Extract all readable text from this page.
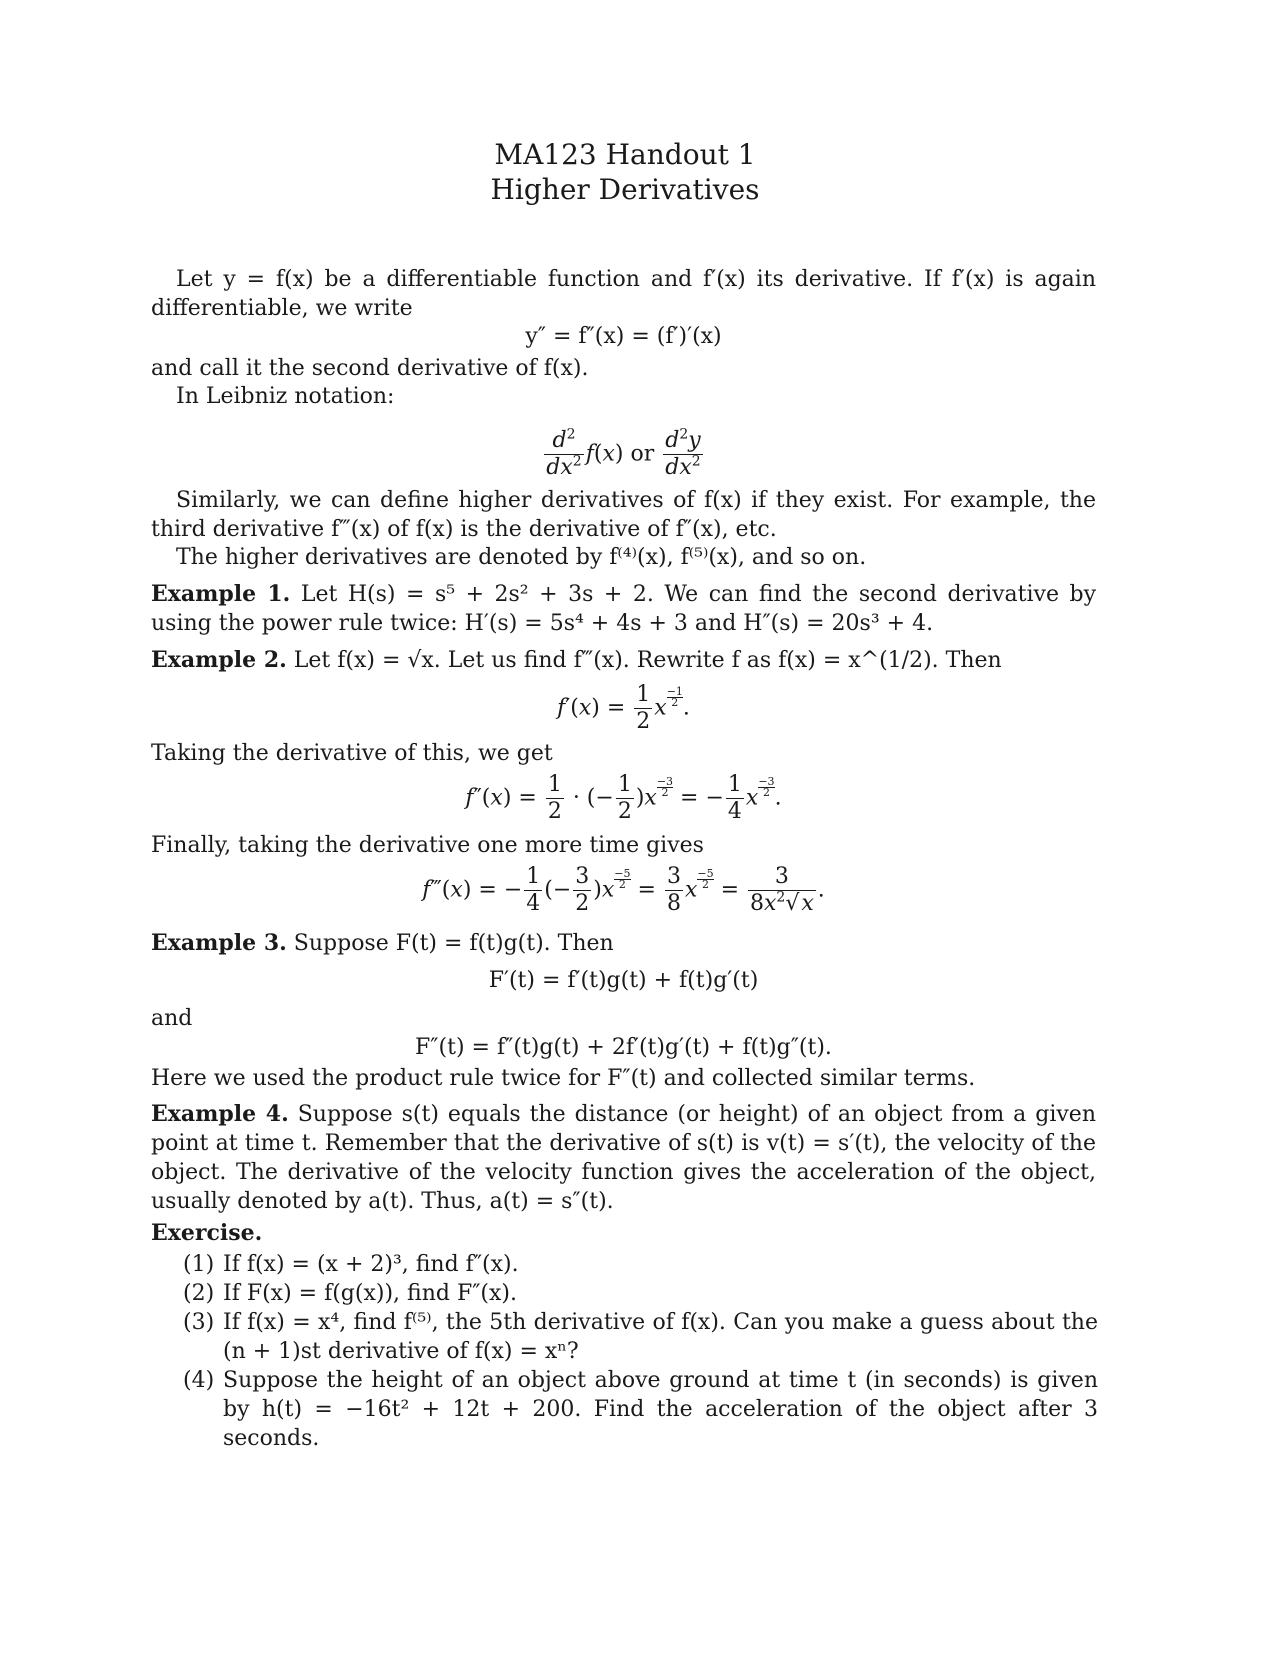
MA123 Handout 1
Higher Derivatives
Let y = f(x) be a differentiable function and f′(x) its derivative. If f′(x) is again differentiable, we write
y″ = f″(x) = (f′)′(x)
and call it the second derivative of f(x).
In Leibniz notation:
$\frac{d^2}{dx^2} f(x)$ or $\frac{d^2y}{dx^2}$
Similarly, we can define higher derivatives of f(x) if they exist. For example, the third derivative f‴(x) of f(x) is the derivative of f″(x), etc.
The higher derivatives are denoted by f⁽⁴⁾(x), f⁽⁵⁾(x), and so on.
Example 1. Let H(s) = s⁵ + 2s² + 3s + 2. We can find the second derivative by using the power rule twice: H′(s) = 5s⁴ + 4s + 3 and H″(s) = 20s³ + 4.
Example 2. Let f(x) = √x. Let us find f‴(x). Rewrite f as f(x) = x^(1/2). Then
$f'(x) = \frac{1}{2}$ x $\frac{-1}{2}$ .
Taking the derivative of this, we get
$f''(x) = \frac{1}{2}$ · (− $\frac{1}{2} )x \frac{-3}{2}$ = − $\frac{1}{4}$ x $\frac{-3}{2}$ .
Finally, taking the derivative one more time gives
f‴(x) = − $\frac{1}{4}$ (− $\frac{3}{2} )x \frac{-5}{2} = \frac{3}{8}$ x $\frac{-5}{2} = \frac{3}{8x^2√x}$ .
Example 3. Suppose F(t) = f(t)g(t). Then
F′(t) = f′(t)g(t) + f(t)g′(t)
and
F″(t) = f″(t)g(t) + 2f′(t)g′(t) + f(t)g″(t).
Here we used the product rule twice for F″(t) and collected similar terms.
Example 4. Suppose s(t) equals the distance (or height) of an object from a given point at time t. Remember that the derivative of s(t) is v(t) = s′(t), the velocity of the object. The derivative of the velocity function gives the acceleration of the object, usually denoted by a(t). Thus, a(t) = s″(t).
Exercise.
(1) If f(x) = (x + 2)³, find f″(x).
(2) If F(x) = f(g(x)), find F″(x).
(3) If f(x) = x⁴, find f⁽⁵⁾, the 5th derivative of f(x). Can you make a guess about the (n + 1)st derivative of f(x) = xⁿ?
(4) Suppose the height of an object above ground at time t (in seconds) is given by h(t) = −16t² + 12t + 200. Find the acceleration of the object after 3 seconds.
